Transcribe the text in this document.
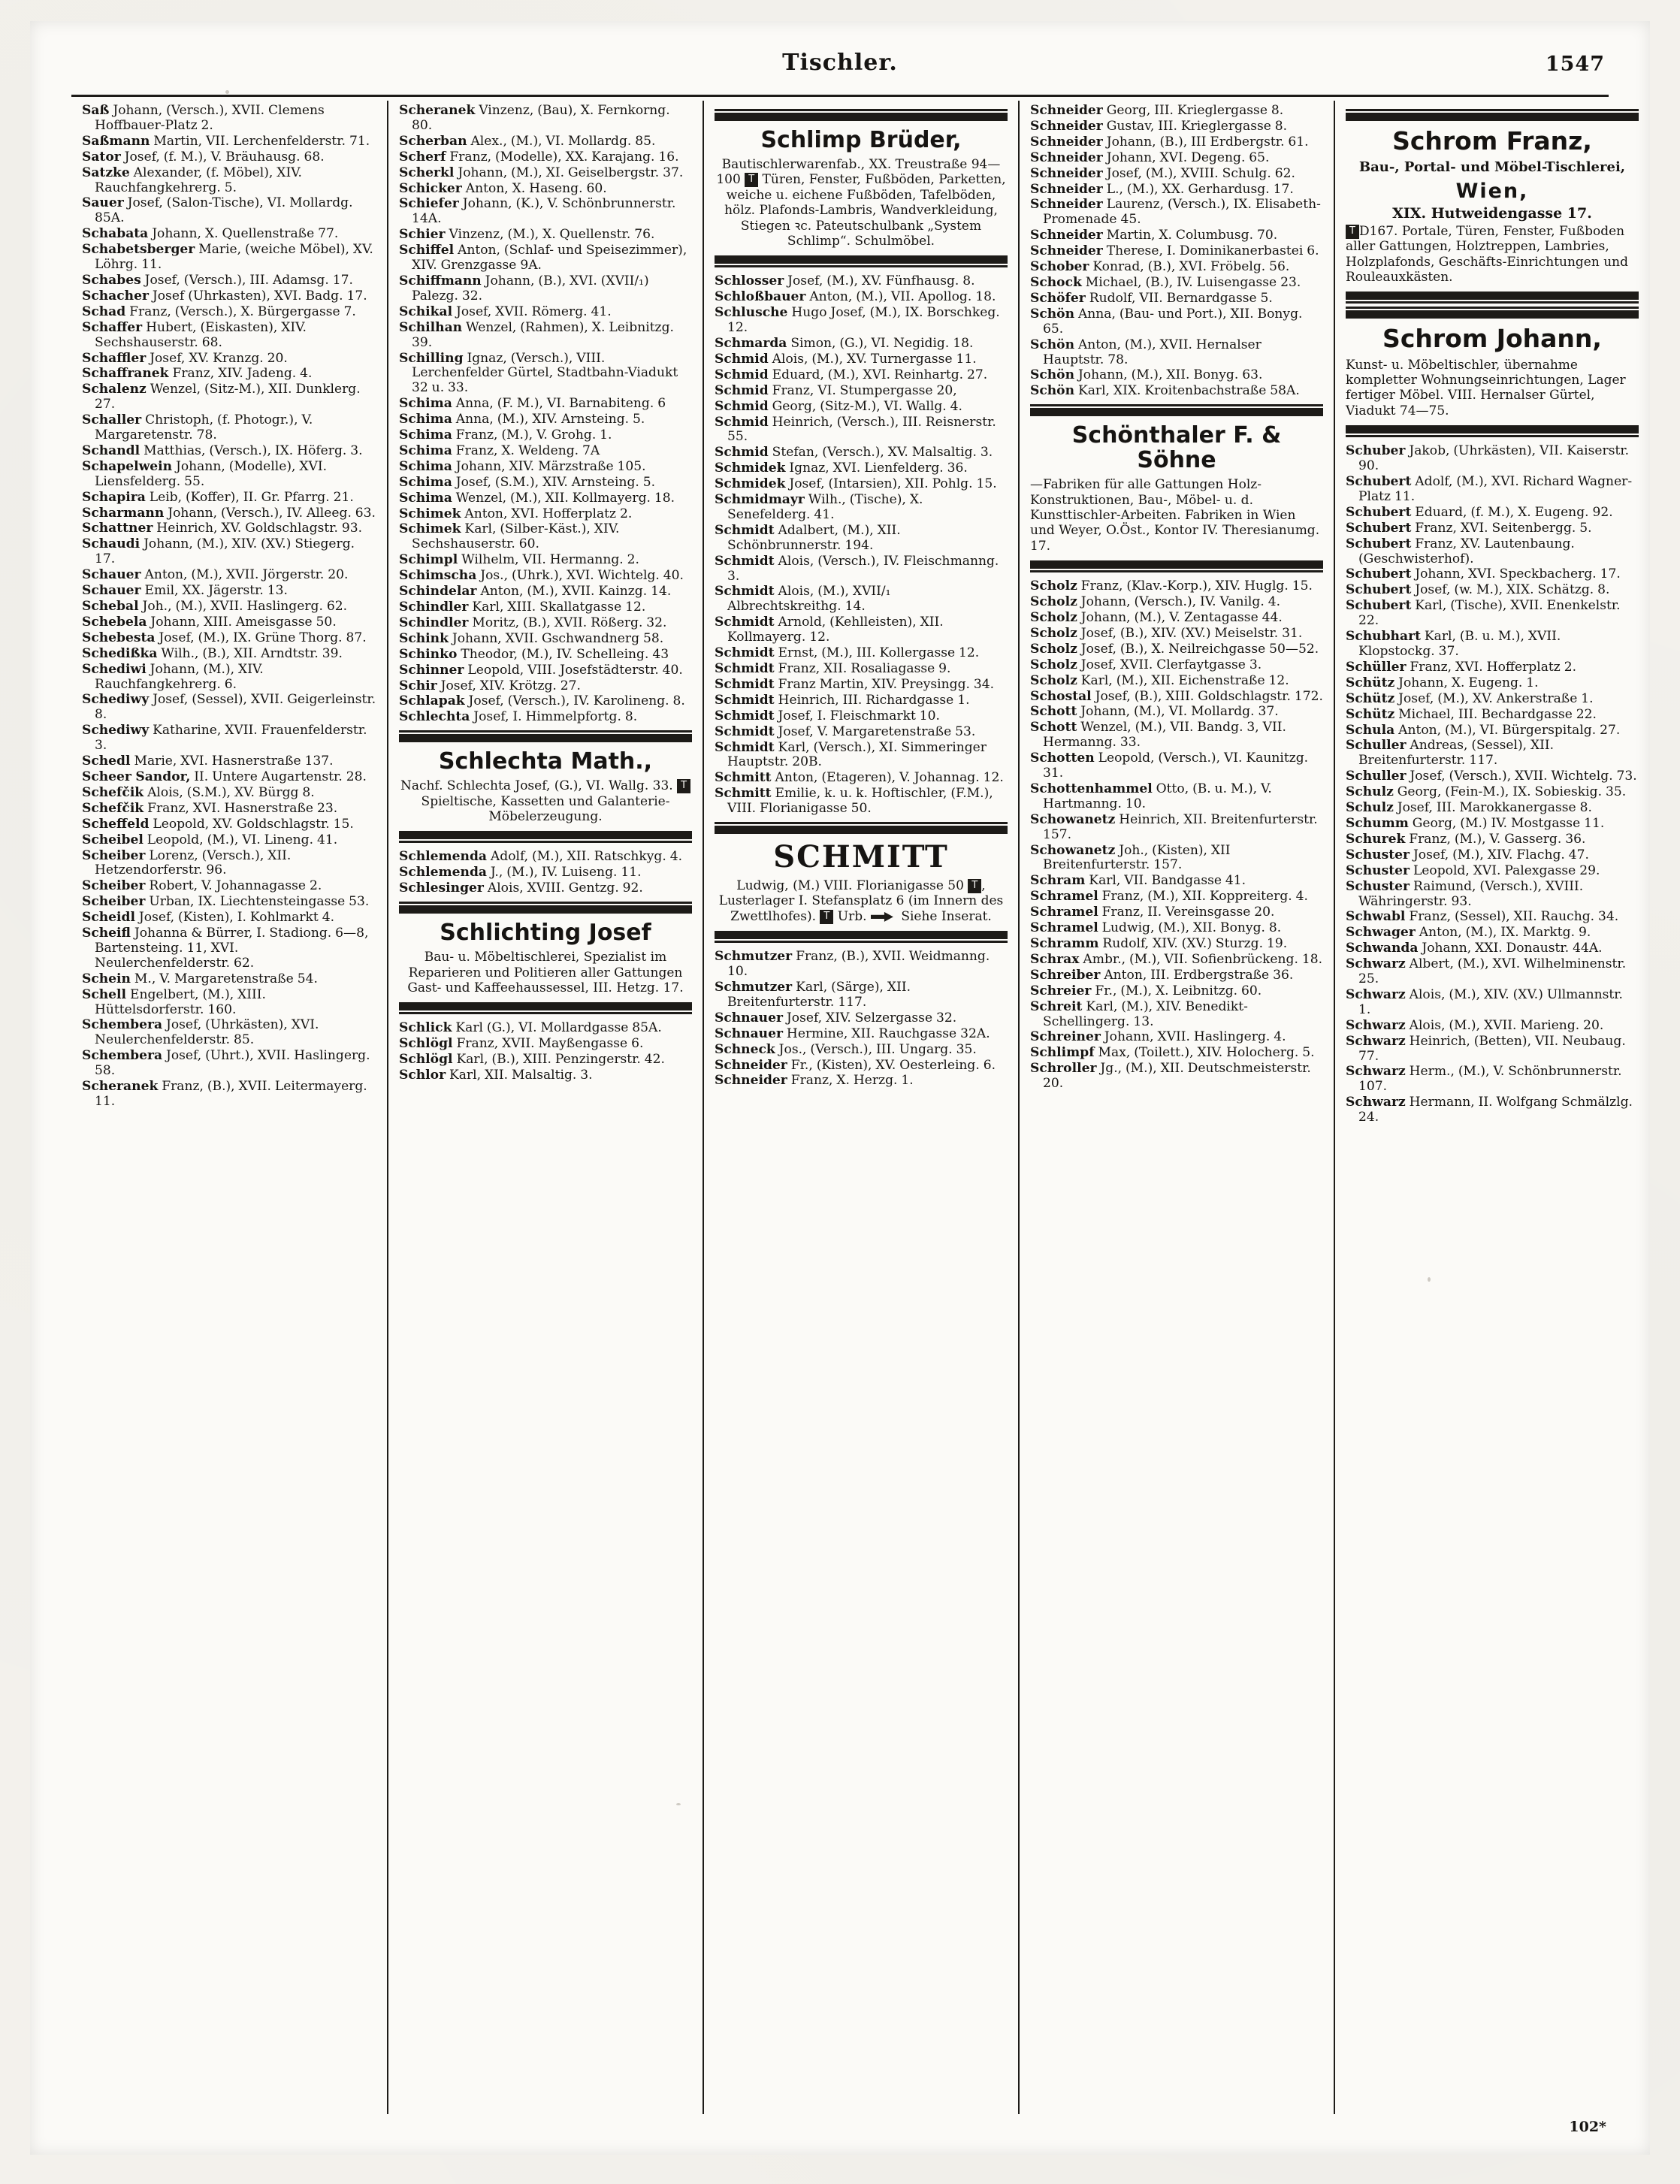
Tischler.	1547
Saß Johann, (Versch.), XVII. Clemens Hoffbauer-Platz 2.
Saßmann Martin, VII. Lerchenfelderstr. 71.
Sator Josef, (f. M.), V. Bräuhausg. 68.
Satzke Alexander, (f. Möbel), XIV. Rauchfangkehrerg. 5.
Sauer Josef, (Salon-Tische), VI. Mollardg. 85A.
Schabata Johann, X. Quellenstraße 77.
Schabetsberger Marie, (weiche Möbel), XV. Löhrg. 11.
Schabes Josef, (Versch.), III. Adamsg. 17.
Schacher Josef (Uhrkasten), XVI. Badg. 17.
Schad Franz, (Versch.), X. Bürgergasse 7.
Schaffer Hubert, (Eiskasten), XIV. Sechshauserstr. 68.
Schaffler Josef, XV. Kranzg. 20.
Schaffranek Franz, XIV. Jadeng. 4.
Schalenz Wenzel, (Sitz-M.), XII. Dunklerg. 27.
Schaller Christoph, (f. Photogr.), V. Margaretenstr. 78.
Schandl Matthias, (Versch.), IX. Höferg. 3.
Schapelwein Johann, (Modelle), XVI. Liensfelderg. 55.
Schapira Leib, (Koffer), II. Gr. Pfarrg. 21.
Scharmann Johann, (Versch.), IV. Alleeg. 63.
Schattner Heinrich, XV. Goldschlagstr. 93.
Schaudi Johann, (M.), XIV. (XV.) Stiegerg. 17.
Schauer Anton, (M.), XVII. Jörgerstr. 20.
Schauer Emil, XX. Jägerstr. 13.
Schebal Joh., (M.), XVII. Haslingerg. 62.
Schebela Johann, XIII. Ameisgasse 50.
Schebesta Josef, (M.), IX. Grüne Thorg. 87.
Schedißka Wilh., (B.), XII. Arndtstr. 39.
Schediwi Johann, (M.), XIV. Rauchfangkehrerg. 6.
Schediwy Josef, (Sessel), XVII. Geigerleinstr. 8.
Schediwy Katharine, XVII. Frauenfelderstr. 3.
Schedl Marie, XVI. Hasnerstraße 137.
Scheer Sandor, II. Untere Augartenstr. 28.
Schefčik Alois, (S.M.), XV. Bürgg 8.
Schefčik Franz, XVI. Hasnerstraße 23.
Scheffeld Leopold, XV. Goldschlagstr. 15.
Scheibel Leopold, (M.), VI. Lineng. 41.
Scheiber Lorenz, (Versch.), XII. Hetzendorferstr. 96.
Scheiber Robert, V. Johannagasse 2.
Scheiber Urban, IX. Liechtensteingasse 53.
Scheidl Josef, (Kisten), I. Kohlmarkt 4.
Scheifl Johanna & Bürrer, I. Stadiong. 6—8, Bartensteing. 11, XVI. Neulerchenfelderstr. 62.
Schein M., V. Margaretenstraße 54.
Schell Engelbert, (M.), XIII. Hüttelsdorferstr. 160.
Schembera Josef, (Uhrkästen), XVI. Neulerchenfelderstr. 85.
Schembera Josef, (Uhrt.), XVII. Haslingerg. 58.
Scheranek Franz, (B.), XVII. Leitermayerg. 11.
Scheranek Vinzenz, (Bau), X. Fernkorng. 80.
Scherban Alex., (M.), VI. Mollardg. 85.
Scherf Franz, (Modelle), XX. Karajang. 16.
Scherkl Johann, (M.), XI. Geiselbergstr. 37.
Schicker Anton, X. Haseng. 60.
Schiefer Johann, (K.), V. Schönbrunnerstr. 14A.
Schier Vinzenz, (M.), X. Quellenstr. 76.
Schiffel Anton, (Schlaf- und Speisezimmer), XIV. Grenzgasse 9A.
Schiffmann Johann, (B.), XVI. (XVII/₁) Palezg. 32.
Schikal Josef, XVII. Römerg. 41.
Schilhan Wenzel, (Rahmen), X. Leibnitzg. 39.
Schilling Ignaz, (Versch.), VIII. Lerchenfelder Gürtel, Stadtbahn-Viadukt 32 u. 33.
Schima Anna, (F. M.), VI. Barnabiteng. 6
Schima Anna, (M.), XIV. Arnsteing. 5.
Schima Franz, (M.), V. Grohg. 1.
Schima Franz, X. Weldeng. 7A
Schima Johann, XIV. Märzstraße 105.
Schima Josef, (S.M.), XIV. Arnsteing. 5.
Schima Wenzel, (M.), XII. Kollmayerg. 18.
Schimek Anton, XVI. Hofferplatz 2.
Schimek Karl, (Silber-Käst.), XIV. Sechshauserstr. 60.
Schimpl Wilhelm, VII. Hermanng. 2.
Schimscha Jos., (Uhrk.), XVI. Wichtelg. 40.
Schindelar Anton, (M.), XVII. Kainzg. 14.
Schindler Karl, XIII. Skallatgasse 12.
Schindler Moritz, (B.), XVII. Rößerg. 32.
Schink Johann, XVII. Gschwandnerg 58.
Schinko Theodor, (M.), IV. Schelleing. 43
Schinner Leopold, VIII. Josefstädterstr. 40.
Schir Josef, XIV. Krötzg. 27.
Schlapak Josef, (Versch.), IV. Karolineng. 8.
Schlechta Josef, I. Himmelpfortg. 8.
Schlechta Math.,
Nachf. Schlechta Josef, (G.), VI. Wallg. 33. T Spieltische, Kassetten und Galanterie-Möbelerzeugung.
Schlemenda Adolf, (M.), XII. Ratschkyg. 4.
Schlemenda J., (M.), IV. Luiseng. 11.
Schlesinger Alois, XVIII. Gentzg. 92.
Schlichting Josef
Bau- u. Möbeltischlerei, Spezialist im Reparieren und Politieren aller Gattungen Gast- und Kaffeehaussessel, III. Hetzg. 17.
Schlick Karl (G.), VI. Mollardgasse 85A.
Schlögl Franz, XVII. Mayßengasse 6.
Schlögl Karl, (B.), XIII. Penzingerstr. 42.
Schlor Karl, XII. Malsaltig. 3.
Schlimp Brüder,
Bautischlerwarenfab., XX. Treustraße 94—100 T Türen, Fenster, Fußböden, Parketten, weiche u. eichene Fußböden, Tafelböden, hölz. Plafonds-Lambris, Wandverkleidung, Stiegen ꝛc. Pateutschulbank „System Schlimp“. Schulmöbel.
Schlosser Josef, (M.), XV. Fünfhausg. 8.
Schloßbauer Anton, (M.), VII. Apollog. 18.
Schlusche Hugo Josef, (M.), IX. Borschkeg. 12.
Schmarda Simon, (G.), VI. Negidig. 18.
Schmid Alois, (M.), XV. Turnergasse 11.
Schmid Eduard, (M.), XVI. Reinhartg. 27.
Schmid Franz, VI. Stumpergasse 20,
Schmid Georg, (Sitz-M.), VI. Wallg. 4.
Schmid Heinrich, (Versch.), III. Reisnerstr. 55.
Schmid Stefan, (Versch.), XV. Malsaltig. 3.
Schmidek Ignaz, XVI. Lienfelderg. 36.
Schmidek Josef, (Intarsien), XII. Pohlg. 15.
Schmidmayr Wilh., (Tische), X. Senefelderg. 41.
Schmidt Adalbert, (M.), XII. Schönbrunnerstr. 194.
Schmidt Alois, (Versch.), IV. Fleischmanng. 3.
Schmidt Alois, (M.), XVII/₁ Albrechtskreithg. 14.
Schmidt Arnold, (Kehlleisten), XII. Kollmayerg. 12.
Schmidt Ernst, (M.), III. Kollergasse 12.
Schmidt Franz, XII. Rosaliagasse 9.
Schmidt Franz Martin, XIV. Preysingg. 34.
Schmidt Heinrich, III. Richardgasse 1.
Schmidt Josef, I. Fleischmarkt 10.
Schmidt Josef, V. Margaretenstraße 53.
Schmidt Karl, (Versch.), XI. Simmeringer Hauptstr. 20B.
Schmitt Anton, (Etageren), V. Johannag. 12.
Schmitt Emilie, k. u. k. Hoftischler, (F.M.), VIII. Florianigasse 50.
SCHMITT
Ludwig, (M.) VIII. Florianigasse 50 T , Lusterlager I. Stefansplatz 6 (im Innern des Zwettlhofes). T Urb.  Siehe Inserat.
Schmutzer Franz, (B.), XVII. Weidmanng. 10.
Schmutzer Karl, (Särge), XII. Breitenfurterstr. 117.
Schnauer Josef, XIV. Selzergasse 32.
Schnauer Hermine, XII. Rauchgasse 32A.
Schneck Jos., (Versch.), III. Ungarg. 35.
Schneider Fr., (Kisten), XV. Oesterleing. 6.
Schneider Franz, X. Herzg. 1.
Schneider Georg, III. Krieglergasse 8.
Schneider Gustav, III. Krieglergasse 8.
Schneider Johann, (B.), III Erdbergstr. 61.
Schneider Johann, XVI. Degeng. 65.
Schneider Josef, (M.), XVIII. Schulg. 62.
Schneider L., (M.), XX. Gerhardusg. 17.
Schneider Laurenz, (Versch.), IX. Elisabeth-Promenade 45.
Schneider Martin, X. Columbusg. 70.
Schneider Therese, I. Dominikanerbastei 6.
Schober Konrad, (B.), XVI. Fröbelg. 56.
Schock Michael, (B.), IV. Luisengasse 23.
Schöfer Rudolf, VII. Bernardgasse 5.
Schön Anna, (Bau- und Port.), XII. Bonyg. 65.
Schön Anton, (M.), XVII. Hernalser Hauptstr. 78.
Schön Johann, (M.), XII. Bonyg. 63.
Schön Karl, XIX. Kroitenbachstraße 58A.
Schönthaler F. & Söhne
—Fabriken für alle Gattungen Holz-Konstruktionen, Bau-, Möbel- u. d. Kunsttischler-Arbeiten. Fabriken in Wien und Weyer, O.Öst., Kontor IV. Theresianumg. 17.
Scholz Franz, (Klav.-Korp.), XIV. Huglg. 15.
Scholz Johann, (Versch.), IV. Vanilg. 4.
Scholz Johann, (M.), V. Zentagasse 44.
Scholz Josef, (B.), XIV. (XV.) Meiselstr. 31.
Scholz Josef, (B.), X. Neilreichgasse 50—52.
Scholz Josef, XVII. Clerfaytgasse 3.
Scholz Karl, (M.), XII. Eichenstraße 12.
Schostal Josef, (B.), XIII. Goldschlagstr. 172.
Schott Johann, (M.), VI. Mollardg. 37.
Schott Wenzel, (M.), VII. Bandg. 3, VII. Hermanng. 33.
Schotten Leopold, (Versch.), VI. Kaunitzg. 31.
Schottenhammel Otto, (B. u. M.), V. Hartmanng. 10.
Schowanetz Heinrich, XII. Breitenfurterstr. 157.
Schowanetz Joh., (Kisten), XII Breitenfurterstr. 157.
Schram Karl, VII. Bandgasse 41.
Schramel Franz, (M.), XII. Koppreiterg. 4.
Schramel Franz, II. Vereinsgasse 20.
Schramel Ludwig, (M.), XII. Bonyg. 8.
Schramm Rudolf, XIV. (XV.) Sturzg. 19.
Schrax Ambr., (M.), VII. Sofienbrückeng. 18.
Schreiber Anton, III. Erdbergstraße 36.
Schreier Fr., (M.), X. Leibnitzg. 60.
Schreit Karl, (M.), XIV. Benedikt-Schellingerg. 13.
Schreiner Johann, XVII. Haslingerg. 4.
Schlimpf Max, (Toilett.), XIV. Holocherg. 5.
Schroller Jg., (M.), XII. Deutschmeisterstr. 20.
Schrom Franz,
Bau-, Portal- und Möbel-Tischlerei,
Wien,
XIX. Hutweidengasse 17.
T D167. Portale, Türen, Fenster, Fußboden aller Gattungen, Holztreppen, Lambries, Holzplafonds, Geschäfts-Einrichtungen und Rouleauxkästen.
Schrom Johann,
Kunst- u. Möbeltischler, übernahme kompletter Wohnungseinrichtungen, Lager fertiger Möbel. VIII. Hernalser Gürtel, Viadukt 74—75.
Schuber Jakob, (Uhrkästen), VII. Kaiserstr. 90.
Schubert Adolf, (M.), XVI. Richard Wagner-Platz 11.
Schubert Eduard, (f. M.), X. Eugeng. 92.
Schubert Franz, XVI. Seitenbergg. 5.
Schubert Franz, XV. Lautenbaung. (Geschwisterhof).
Schubert Johann, XVI. Speckbacherg. 17.
Schubert Josef, (w. M.), XIX. Schätzg. 8.
Schubert Karl, (Tische), XVII. Enenkelstr. 22.
Schubhart Karl, (B. u. M.), XVII. Klopstockg. 37.
Schüller Franz, XVI. Hofferplatz 2.
Schütz Johann, X. Eugeng. 1.
Schütz Josef, (M.), XV. Ankerstraße 1.
Schütz Michael, III. Bechardgasse 22.
Schula Anton, (M.), VI. Bürgerspitalg. 27.
Schuller Andreas, (Sessel), XII. Breitenfurterstr. 117.
Schuller Josef, (Versch.), XVII. Wichtelg. 73.
Schulz Georg, (Fein-M.), IX. Sobieskig. 35.
Schulz Josef, III. Marokkanergasse 8.
Schumm Georg, (M.) IV. Mostgasse 11.
Schurek Franz, (M.), V. Gasserg. 36.
Schuster Josef, (M.), XIV. Flachg. 47.
Schuster Leopold, XVI. Palexgasse 29.
Schuster Raimund, (Versch.), XVIII. Währingerstr. 93.
Schwabl Franz, (Sessel), XII. Rauchg. 34.
Schwager Anton, (M.), IX. Marktg. 9.
Schwanda Johann, XXI. Donaustr. 44A.
Schwarz Albert, (M.), XVI. Wilhelminenstr. 25.
Schwarz Alois, (M.), XIV. (XV.) Ullmannstr. 1.
Schwarz Alois, (M.), XVII. Marieng. 20.
Schwarz Heinrich, (Betten), VII. Neubaug. 77.
Schwarz Herm., (M.), V. Schönbrunnerstr. 107.
Schwarz Hermann, II. Wolfgang Schmälzlg. 24.
102*
